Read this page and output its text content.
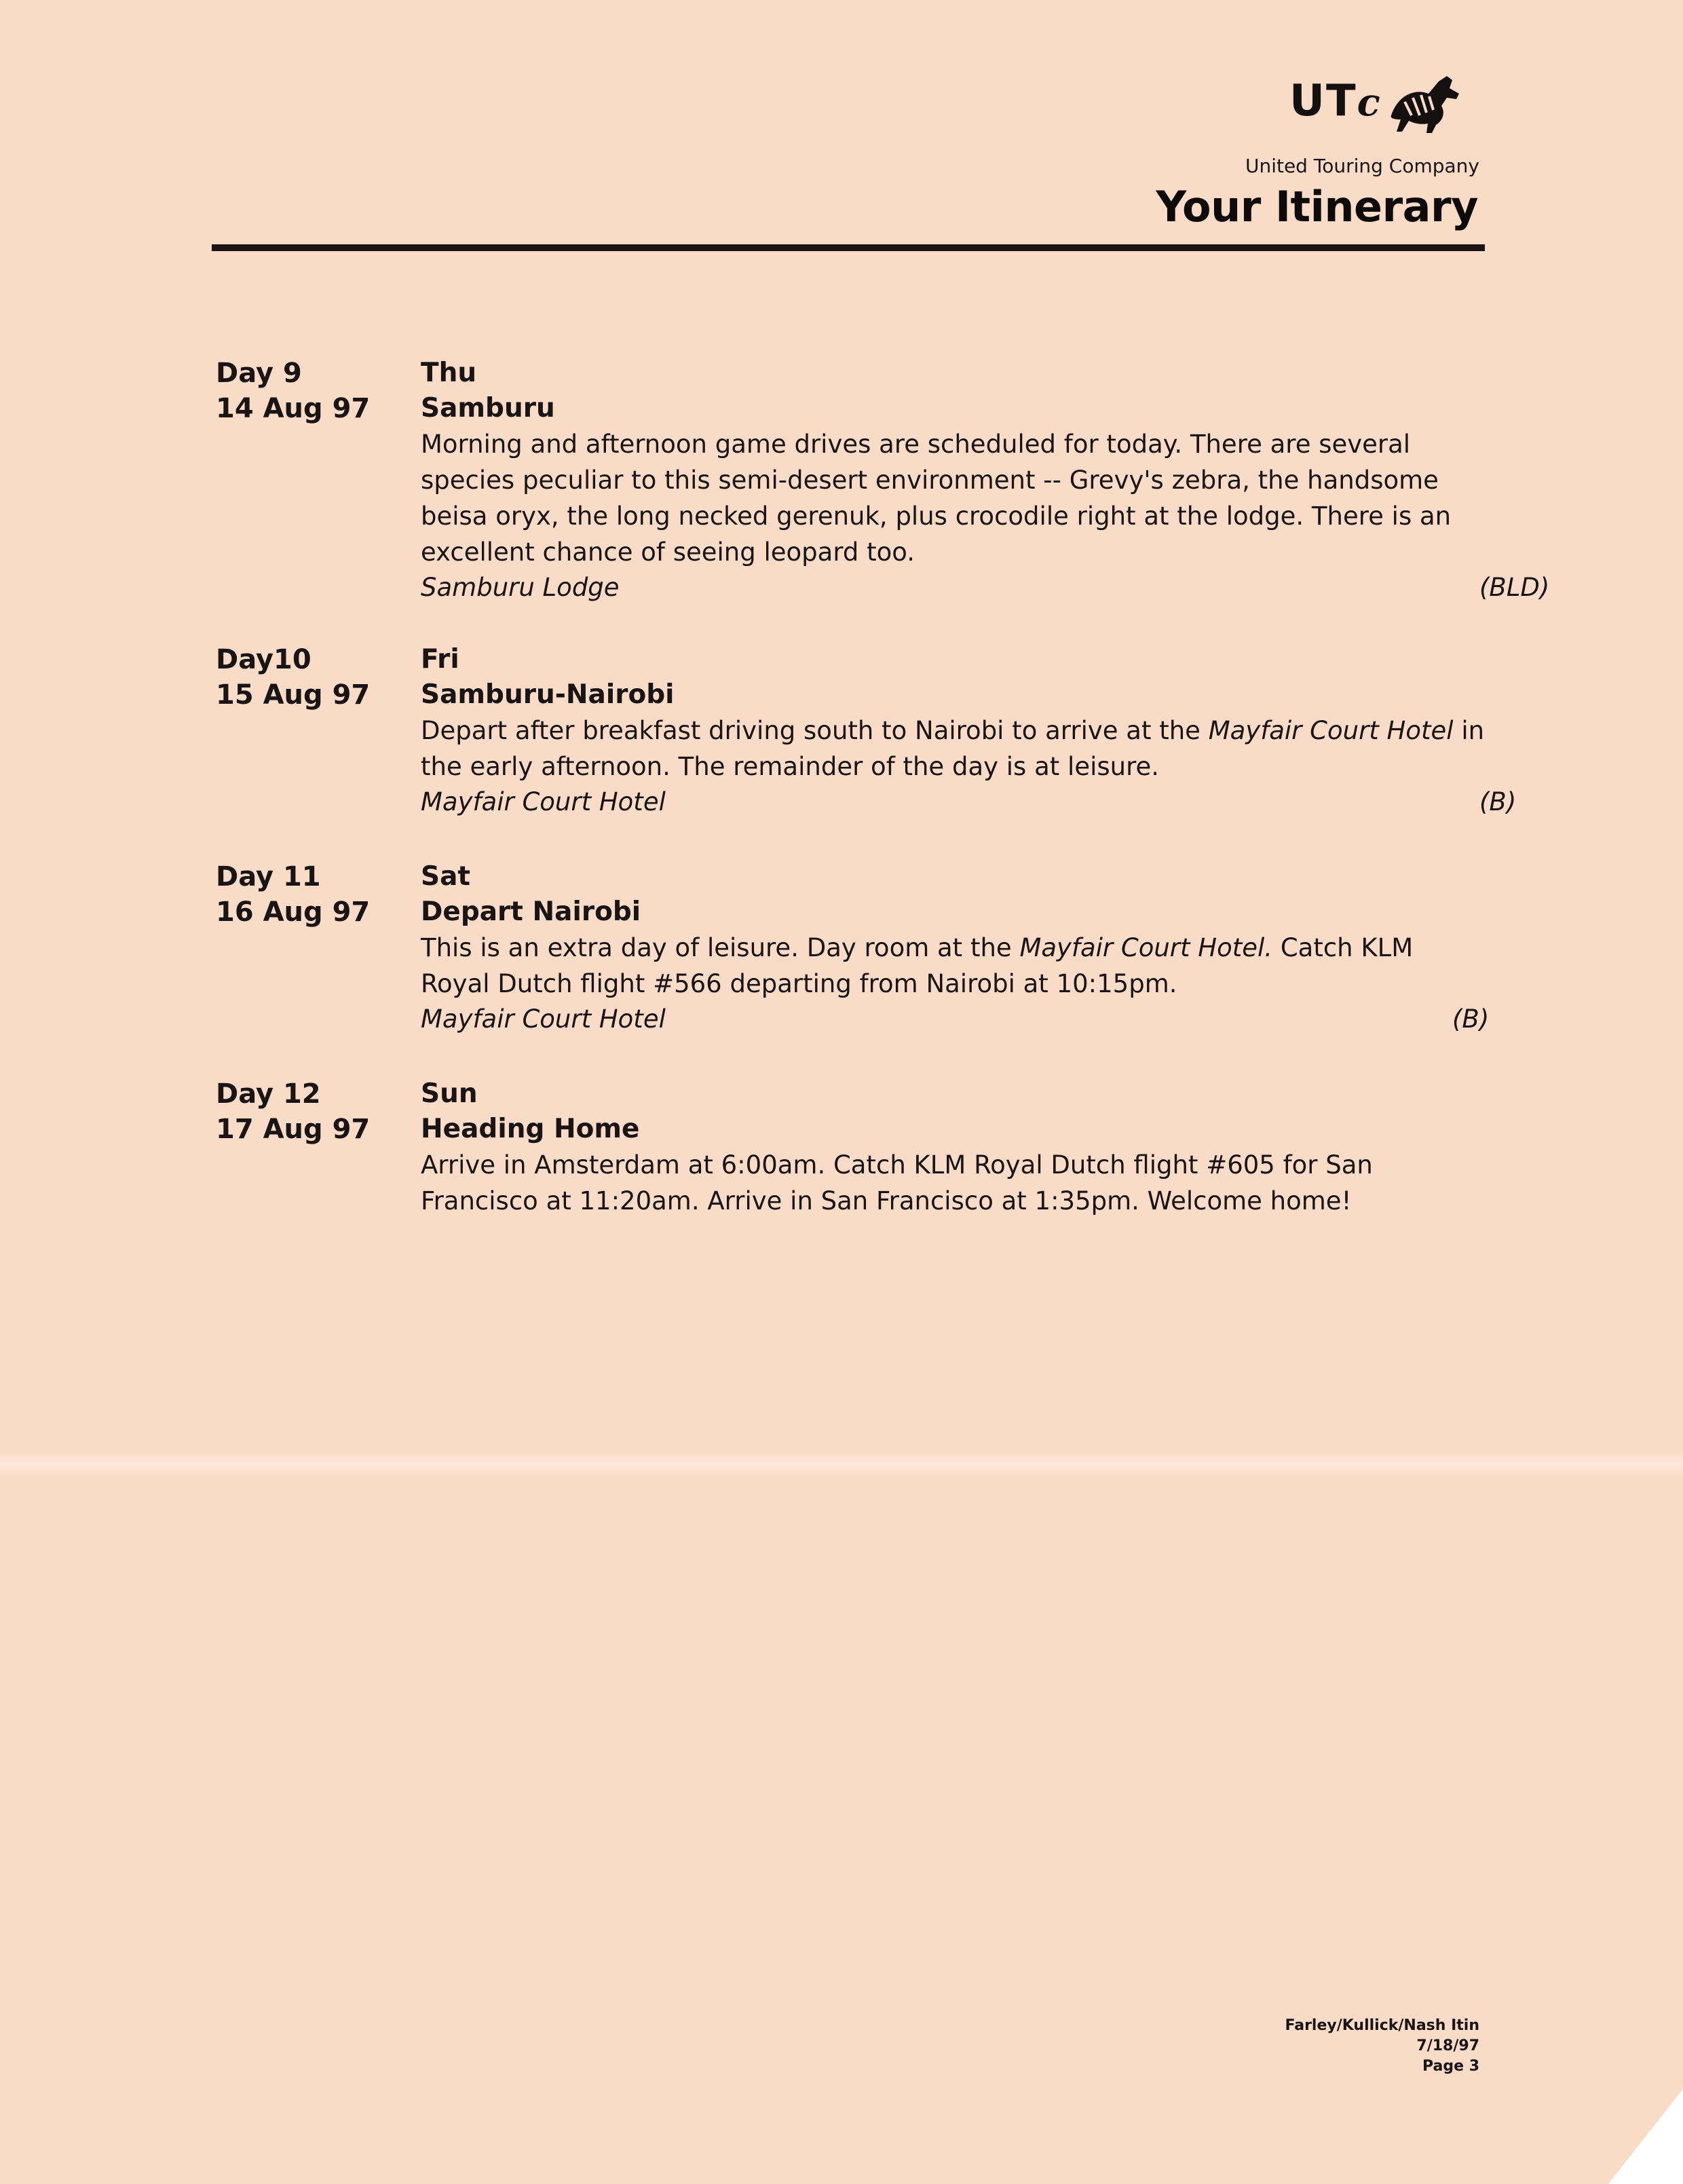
UTc
United Touring Company
Your Itinerary
Day 9
14 Aug 97
Thu
Samburu
Morning and afternoon game drives are scheduled for today. There are several species peculiar to this semi-desert environment -- Grevy's zebra, the handsome beisa oryx, the long necked gerenuk, plus crocodile right at the lodge. There is an excellent chance of seeing leopard too.
Samburu Lodge	(BLD)
Day10
15 Aug 97
Fri
Samburu-Nairobi
Depart after breakfast driving south to Nairobi to arrive at the Mayfair Court Hotel in the early afternoon. The remainder of the day is at leisure.
Mayfair Court Hotel	(B)
Day 11
16 Aug 97
Sat
Depart Nairobi
This is an extra day of leisure. Day room at the Mayfair Court Hotel. Catch KLM Royal Dutch flight #566 departing from Nairobi at 10:15pm.
Mayfair Court Hotel	(B)
Day 12
17 Aug 97
Sun
Heading Home
Arrive in Amsterdam at 6:00am. Catch KLM Royal Dutch flight #605 for San Francisco at 11:20am. Arrive in San Francisco at 1:35pm. Welcome home!
Farley/Kullick/Nash Itin
7/18/97
Page 3
